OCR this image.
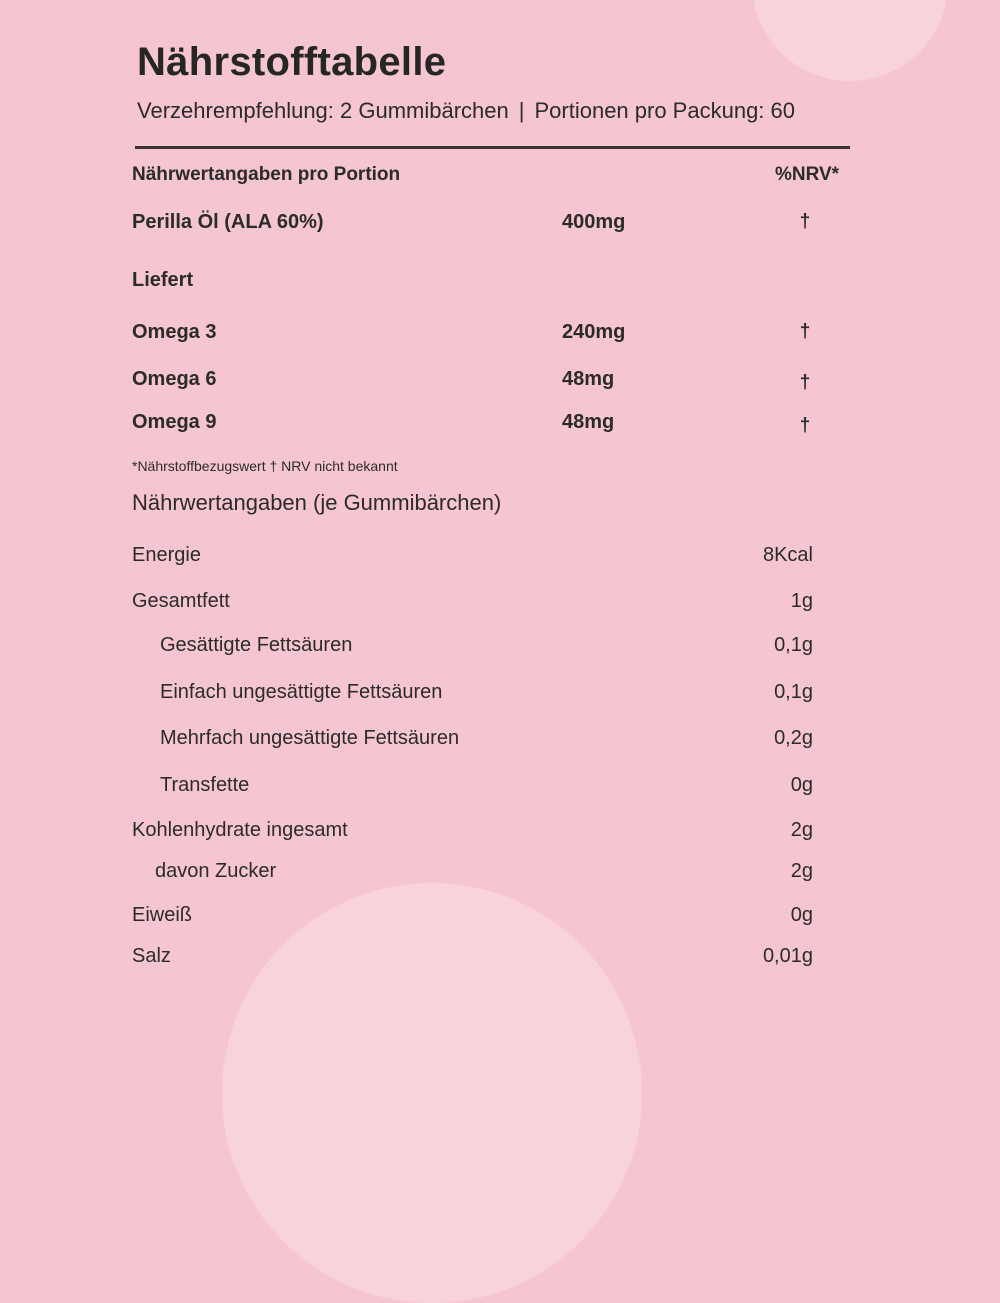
Nährstofftabelle
Verzehrempfehlung: 2 Gummibärchen | Portionen pro Packung: 60
Nährwertangaben pro Portion	%NRV*
Perilla Öl (ALA 60%)	400mg	†
Liefert
Omega 3	240mg	†
Omega 6	48mg	†
Omega 9	48mg	†
*Nährstoffbezugswert † NRV nicht bekannt
Nährwertangaben (je Gummibärchen)
Energie	8Kcal
Gesamtfett	1g
Gesättigte Fettsäuren	0,1g
Einfach ungesättigte Fettsäuren	0,1g
Mehrfach ungesättigte Fettsäuren	0,2g
Transfette	0g
Kohlenhydrate ingesamt	2g
davon Zucker	2g
Eiweiß	0g
Salz	0,01g
